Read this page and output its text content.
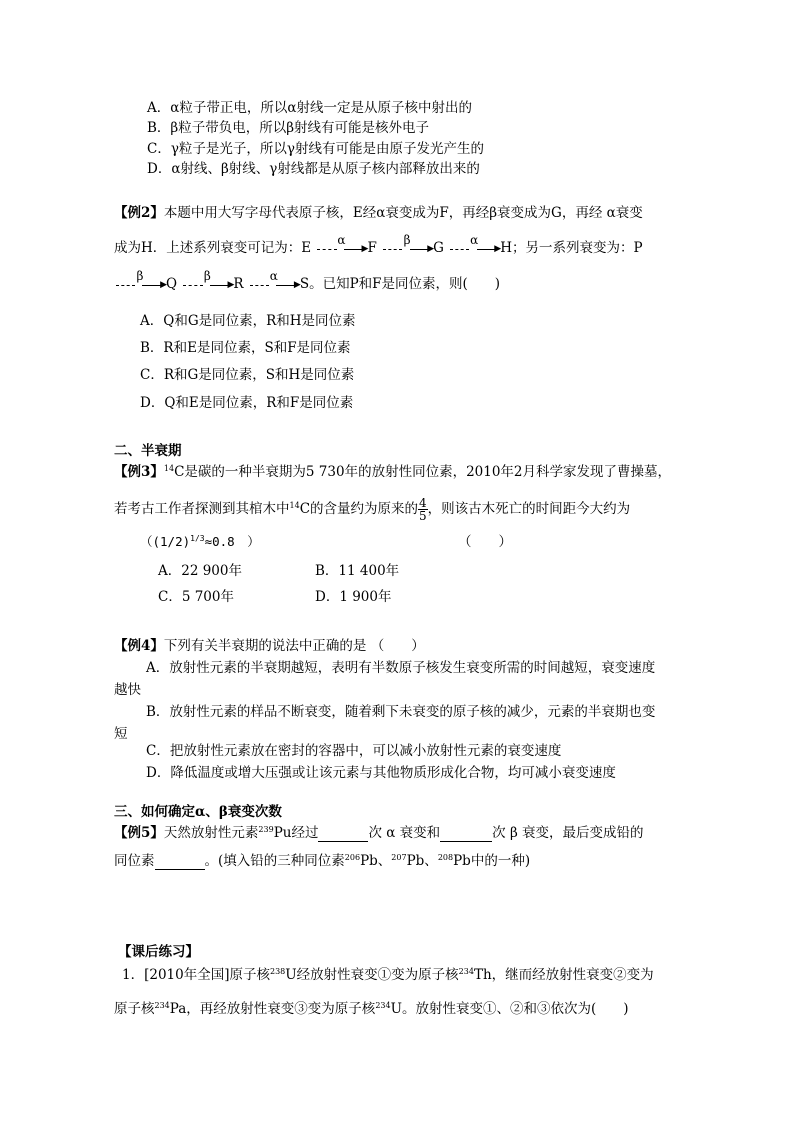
A．α粒子带正电，所以α射线一定是从原子核中射出的
B．β粒子带负电，所以β射线有可能是核外电子
C．γ粒子是光子，所以γ射线有可能是由原子发光产生的
D．α射线、β射线、γ射线都是从原子核内部释放出来的
【例2】本题中用大写字母代表原子核，E经α衰变成为F，再经β衰变成为G，再经 α衰变
成为H．上述系列衰变可记为：E
α
▶ F
β
▶ G
α
▶ H；另一系列衰变为：P
β
▶ Q
β
▶ R
α
▶ S。已知P和F是同位素，则(　　)
A．Q和G是同位素，R和H是同位素
B．R和E是同位素，S和F是同位素
C．R和G是同位素，S和H是同位素
D．Q和E是同位素，R和F是同位素
二、半衰期
【例3】$^{14}$C是碳的一种半衰期为5 730年的放射性同位素，2010年2月科学家发现了曹操墓，
若考古工作者探测到其棺木中$^{14}$C的含量约为原来的 $\frac{4}{5}$ ，则该古木死亡的时间距今大约为
（$(1/2)^{1/3}\approx 0.8$　）	（　　）
A．22 900年	B．11 400年
C．5 700年	D．1 900年
【例4】下列有关半衰期的说法中正确的是 （　　）
A．放射性元素的半衰期越短，表明有半数原子核发生衰变所需的时间越短，衰变速度
越快
B．放射性元素的样品不断衰变，随着剩下未衰变的原子核的减少，元素的半衰期也变
短
C．把放射性元素放在密封的容器中，可以减小放射性元素的衰变速度
D．降低温度或增大压强或让该元素与其他物质形成化合物，均可减小衰变速度
三、如何确定α、β衰变次数
【例5】天然放射性元素$^{239}$Pu经过	次 α 衰变和	次 β 衰变，最后变成铅的
同位素	。(填入铅的三种同位素$^{206}$Pb、$^{207}$Pb、$^{208}$Pb中的一种)
【课后练习】
1．[2010年全国]原子核$^{238}$U经放射性衰变①变为原子核$^{234}$Th，继而经放射性衰变②变为
原子核$^{234}$Pa，再经放射性衰变③变为原子核$^{234}$U。放射性衰变①、②和③依次为(　　)
